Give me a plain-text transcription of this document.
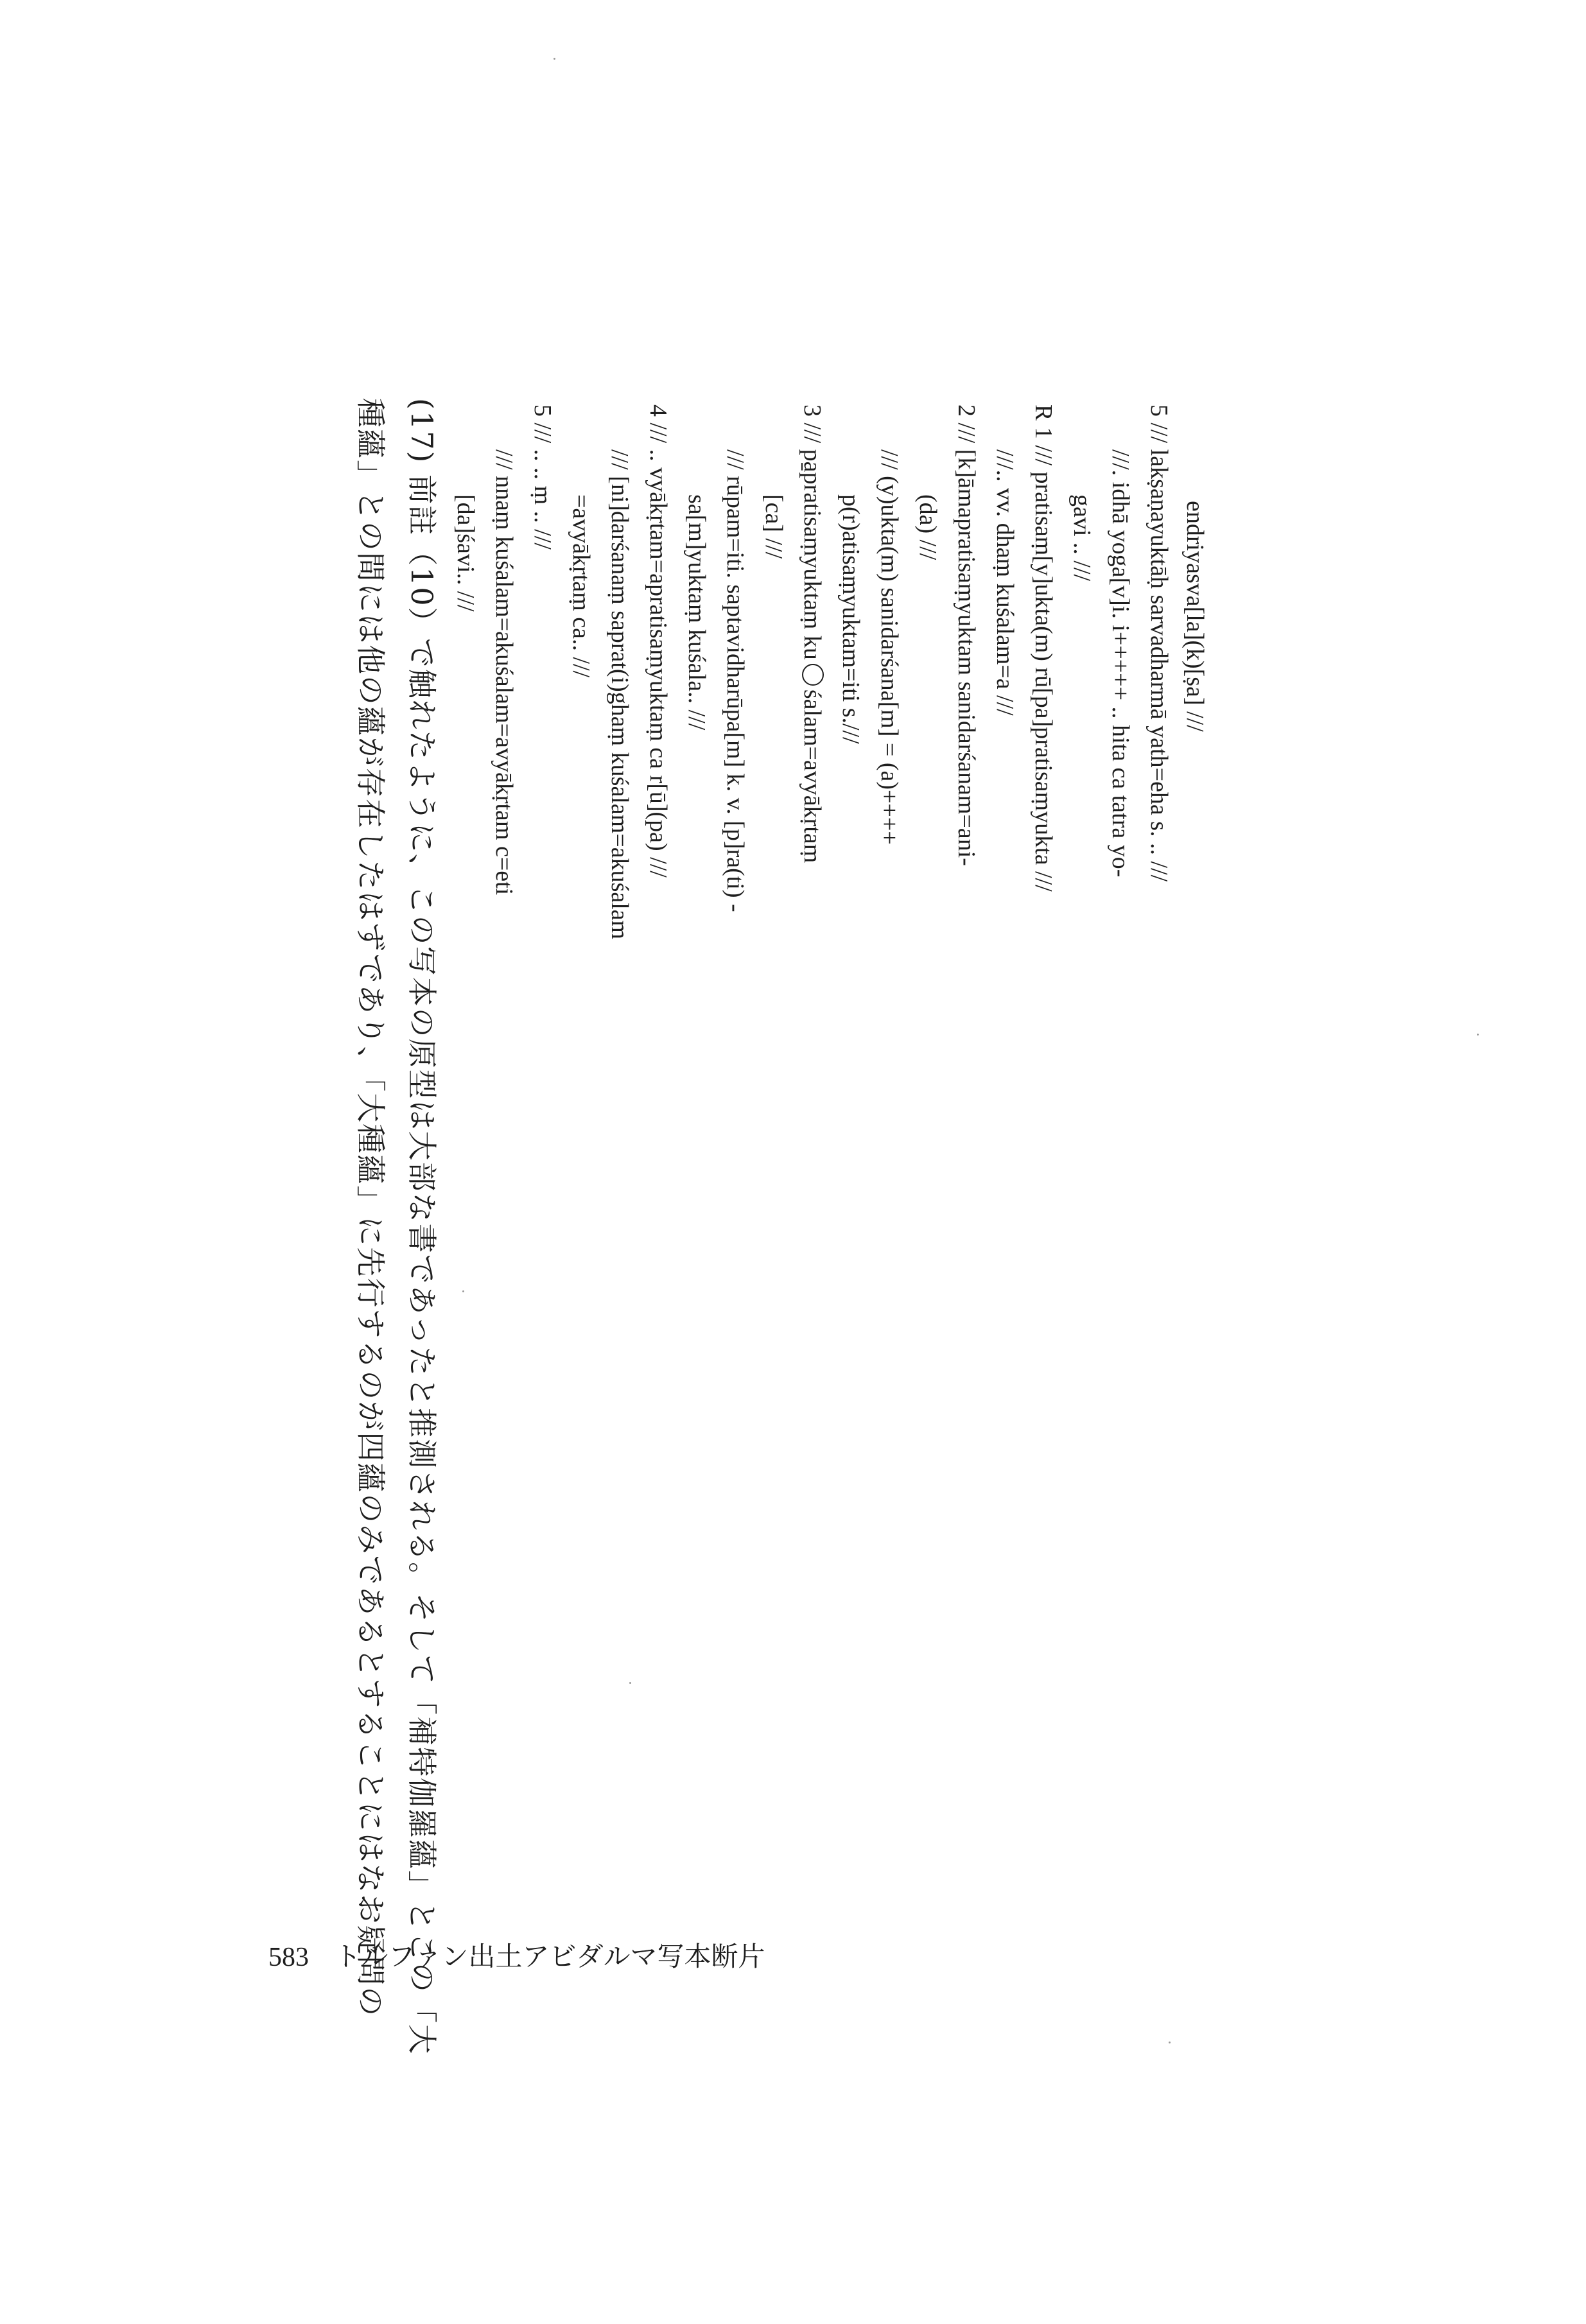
endriyasva[la](k)[ṣa] ///
5 /// lakṣaṇayuktāḥ sarvadharmā yath=eha s. .. ///
///. idhā yoga[v]i. i+++++ .. hita ca tatra yo-
gavi .. ///
R 1 /// pratisaṃ[y]ukta(m) rū[pa]pratisaṃyukta ///
///.. vv. dhaṃ kuśalam=a ///
2 /// [k]āmapratisaṃyuktam sanidarśanam=ani-
(da) ///
/// (y)ukta(m) sanidarśana[m] = (a)++++
p(r)atisaṃyuktam=iti s.///
3 /// pa̱pratisaṃyuktaṃ kuśalam=avyākṛtaṃ
[ca] ///
/// rūpam=iti. saptavidharūpa[m] k. v. [p]ra(ti) -
sa[m]yuktaṃ kuśala.. ///
4 /// .. vyākṛtam=apratisaṃyuktaṃ ca r[ū](pa) ///
/// [ni]darśanaṃ saprat(i)ghaṃ kuśalam=akuśalam
=avyākṛtaṃ ca.. ///
5 /// .. .. ṃ .. ///
/// nnaṃ kuśalam=akuśalam=avyākṛtam c=eti
[da]śavi.. ///
(17) 前註（10）で触れたように、この写本の原型は大部な書であったと推測される。そして「補特伽羅蘊」とこの「大
種蘊」との間には他の蘊が存在したはずであり、「大種蘊」に先行するのが四蘊のみであるとすることにはなお疑問の
583 トルファン出土アビダルマ写本断片
